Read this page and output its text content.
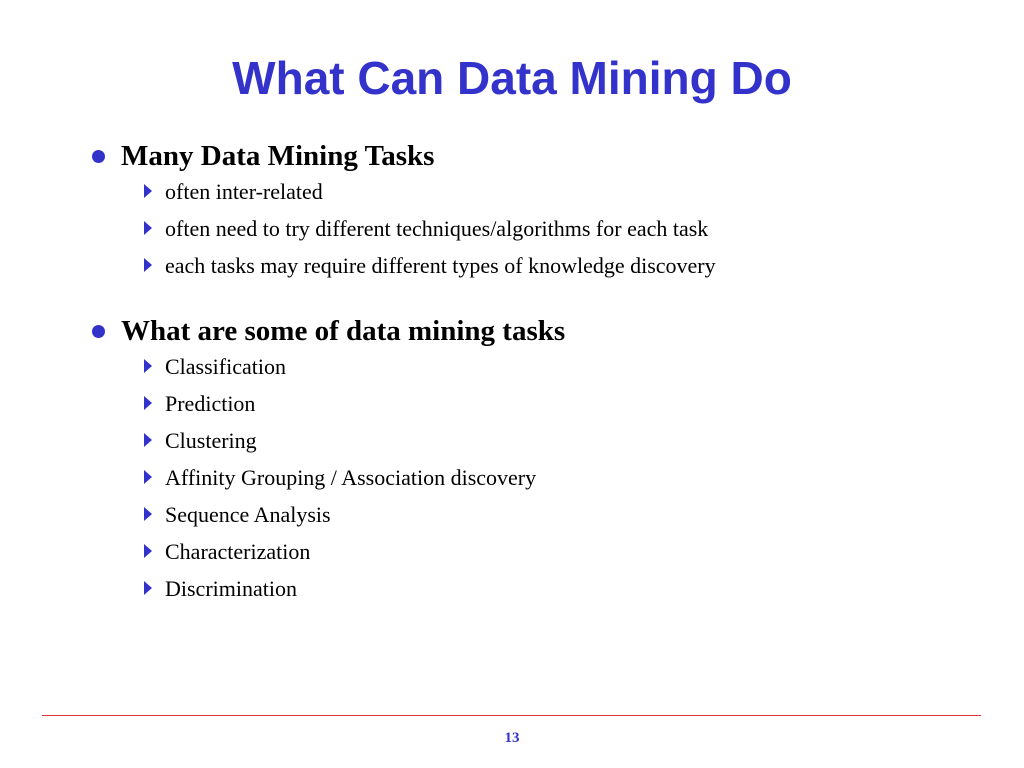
What Can Data Mining Do
Many Data Mining Tasks
often inter-related
often need to try different techniques/algorithms for each task
each tasks may require different types of knowledge discovery
What are some of data mining tasks
Classification
Prediction
Clustering
Affinity Grouping / Association discovery
Sequence Analysis
Characterization
Discrimination
13
